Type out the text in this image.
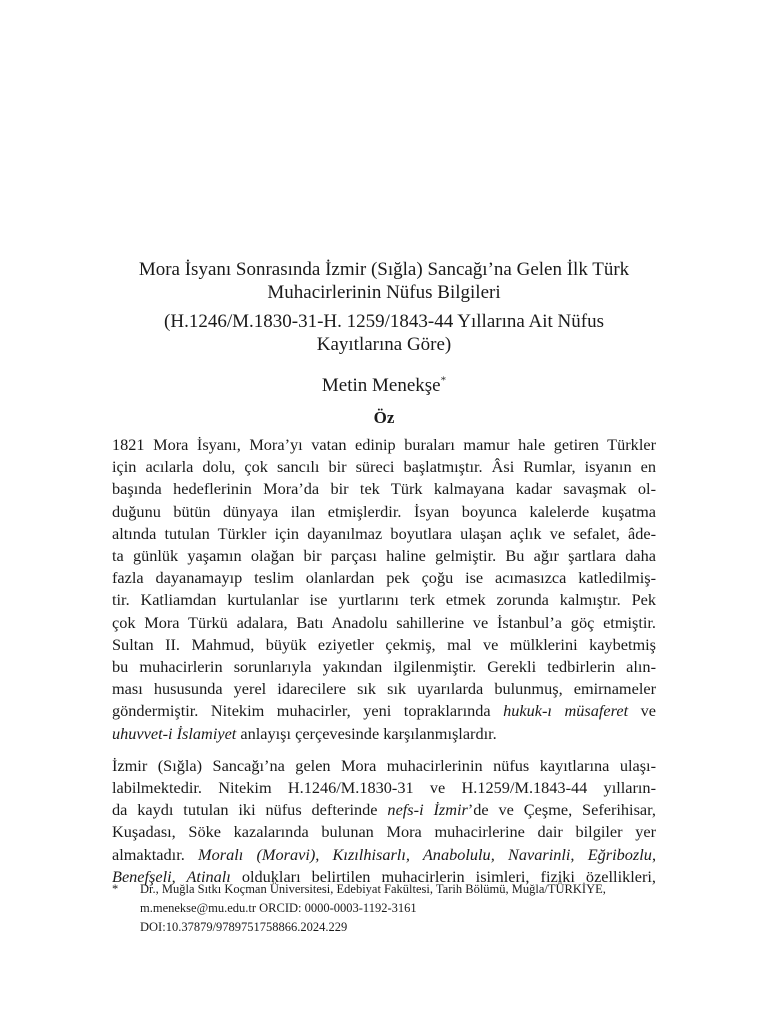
Mora İsyanı Sonrasında İzmir (Sığla) Sancağı’na Gelen İlk Türk
Muhacirlerinin Nüfus Bilgileri

(H.1246/M.1830-31-H. 1259/1843-44 Yıllarına Ait Nüfus
Kayıtlarına Göre)

Metin Menekşe*

Öz
1821 Mora İsyanı, Mora’yı vatan edinip buraları mamur hale getiren Türkler
için acılarla dolu, çok sancılı bir süreci başlatmıştır. Âsi Rumlar, isyanın en
başında hedeflerinin Mora’da bir tek Türk kalmayana kadar savaşmak ol-
duğunu bütün dünyaya ilan etmişlerdir. İsyan boyunca kalelerde kuşatma
altında tutulan Türkler için dayanılmaz boyutlara ulaşan açlık ve sefalet, âde-
ta günlük yaşamın olağan bir parçası haline gelmiştir. Bu ağır şartlara daha
fazla dayanamayıp teslim olanlardan pek çoğu ise acımasızca katledilmiş-
tir. Katliamdan kurtulanlar ise yurtlarını terk etmek zorunda kalmıştır. Pek
çok Mora Türkü adalara, Batı Anadolu sahillerine ve İstanbul’a göç etmiştir.
Sultan II. Mahmud, büyük eziyetler çekmiş, mal ve mülklerini kaybetmiş
bu muhacirlerin sorunlarıyla yakından ilgilenmiştir. Gerekli tedbirlerin alın-
ması hususunda yerel idarecilere sık sık uyarılarda bulunmuş, emirnameler
göndermiştir. Nitekim muhacirler, yeni topraklarında hukuk-ı müsaferet ve
uhuvvet-i İslamiyet anlayışı çerçevesinde karşılanmışlardır.
İzmir (Sığla) Sancağı’na gelen Mora muhacirlerinin nüfus kayıtlarına ulaşı-
labilmektedir. Nitekim H.1246/M.1830-31 ve H.1259/M.1843-44 yılların-
da kaydı tutulan iki nüfus defterinde nefs-i İzmir’de ve Çeşme, Seferihisar,
Kuşadası, Söke kazalarında bulunan Mora muhacirlerine dair bilgiler yer
almaktadır. Moralı (Moravi), Kızılhisarlı, Anabolulu, Navarinli, Eğribozlu,
Benefşeli, Atinalı oldukları belirtilen muhacirlerin isimleri, fiziki özellikleri,
* Dr., Muğla Sıtkı Koçman Üniversitesi, Edebiyat Fakültesi, Tarih Bölümü, Muğla/TÜRKİYE,
m.menekse@mu.edu.tr ORCID: 0000-0003-1192-3161
DOI:10.37879/9789751758866.2024.229
